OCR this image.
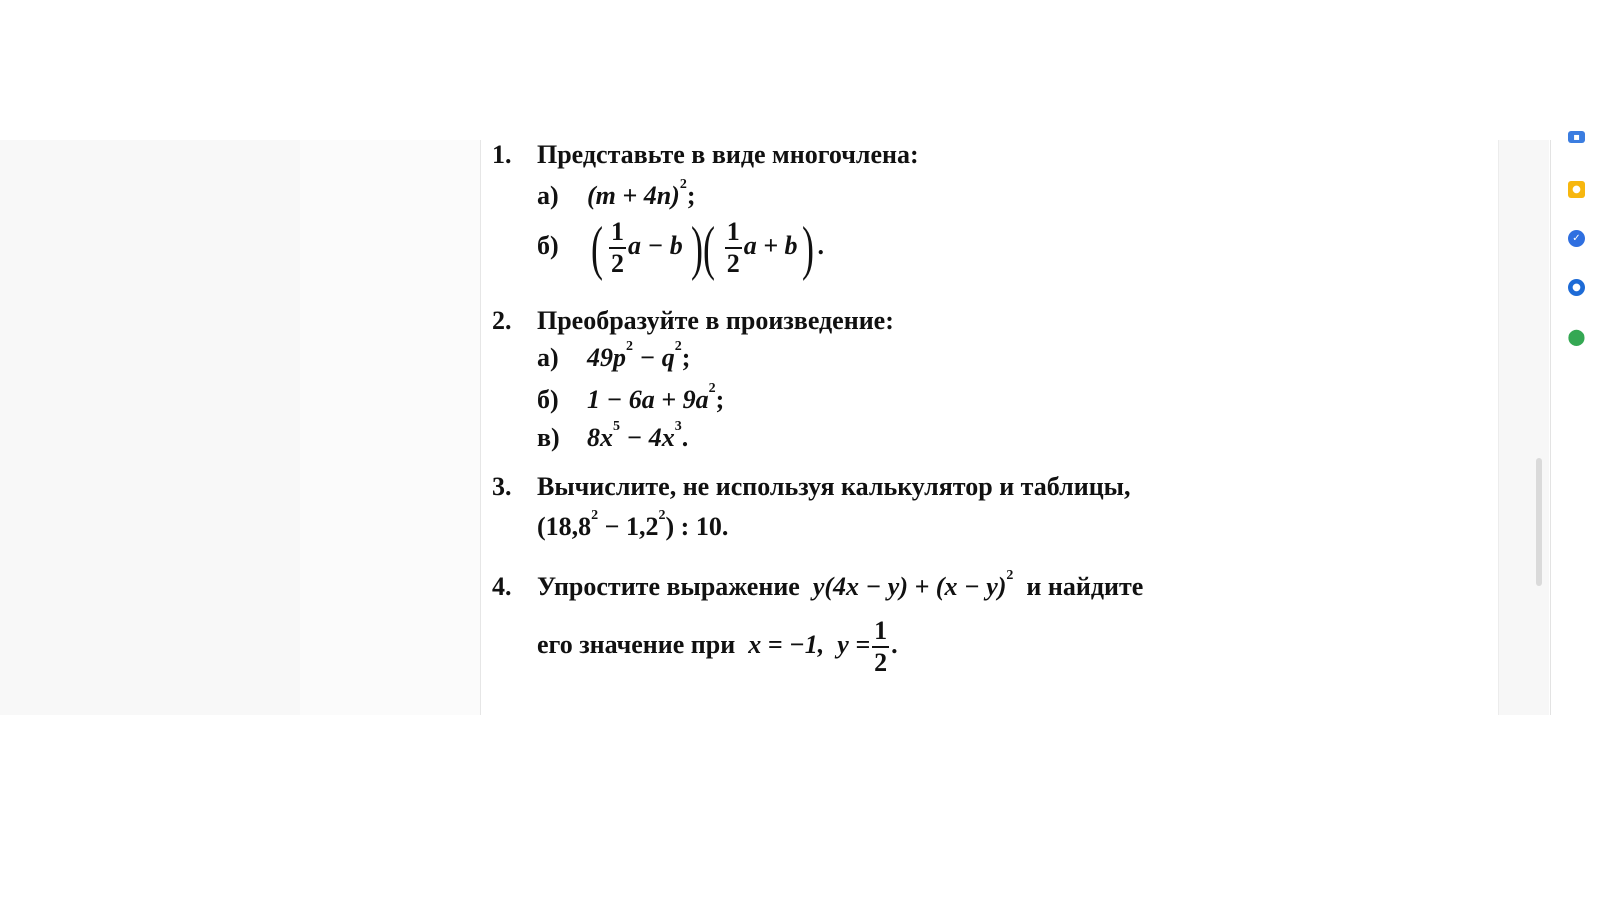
▪
●
✓
●
⬤
1. Представьте в виде многочлена:
а) $(m + 4n)^2$;
б) ( $\frac{1}{2}$ a − b )( $\frac{1}{2}$ a + b) .
2. Преобразуйте в произведение:
а) $49p^2 - q^2$;
б) $1 - 6a + 9a^2$;
в) $8x^5 - 4x^3$.
3. Вычислите, не используя калькулятор и таблицы,
$(18,8^2 - 1,2^2)$ : 10.
4. Упростите выражение $y(4x - y) + (x - y)^2$ и найдите
его значение при x = −1, $y = \frac{1}{2}$ .
